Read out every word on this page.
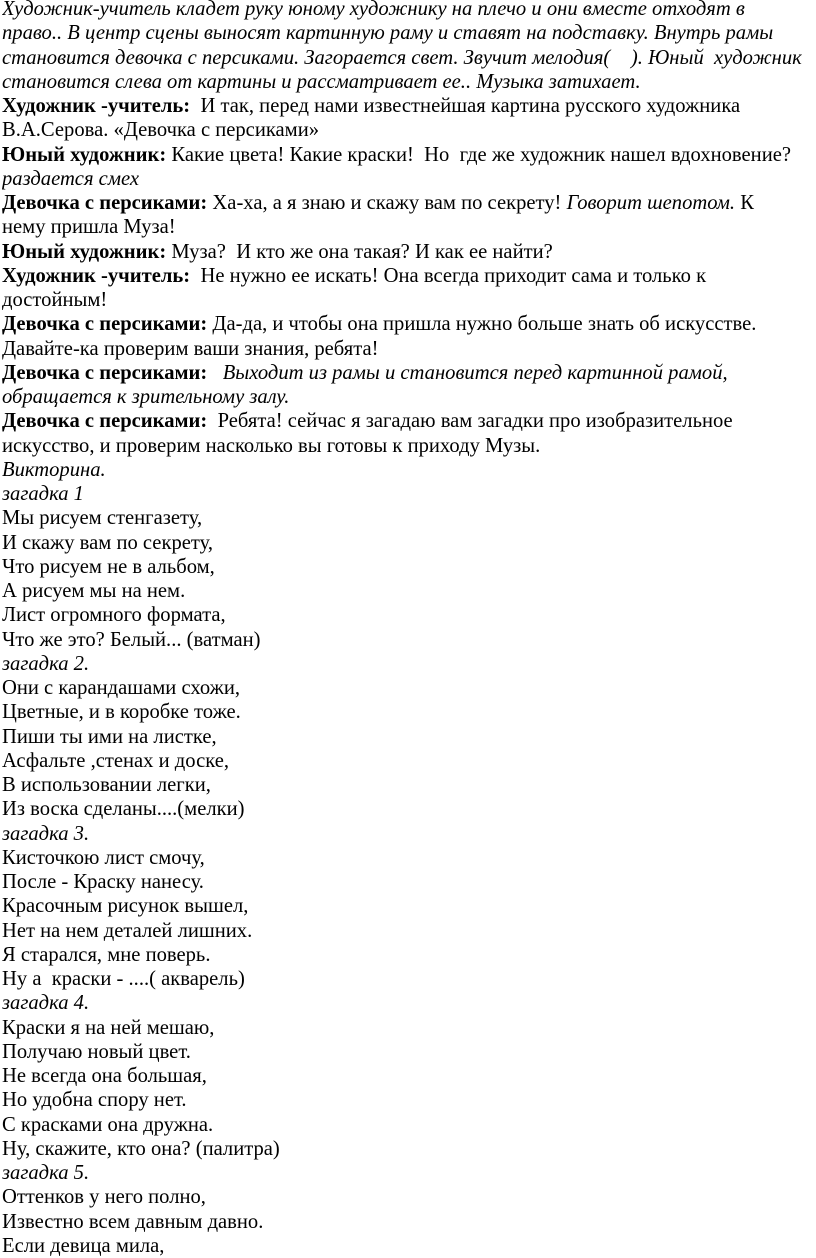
Художник-учитель кладет руку юному художнику на плечо и они вместе отходят в
право.. В центр сцены выносят картинную раму и ставят на подставку. Внутрь рамы
становится девочка с персиками. Загорается свет. Звучит мелодия(    ). Юный  художник
становится слева от картины и рассматривает ее.. Музыка затихает.
Художник -учитель:  И так, перед нами известнейшая картина русского художника
В.А.Серова. «Девочка с персиками»
Юный художник: Какие цвета! Какие краски!  Но  где же художник нашел вдохновение?
раздается смех
Девочка с персиками: Ха-ха, а я знаю и скажу вам по секрету! Говорит шепотом. К
нему пришла Муза!
Юный художник: Муза?  И кто же она такая? И как ее найти?
Художник -учитель:  Не нужно ее искать! Она всегда приходит сама и только к
достойным!
Девочка с персиками: Да-да, и чтобы она пришла нужно больше знать об искусстве.
Давайте-ка проверим ваши знания, ребята!
Девочка с персиками:   Выходит из рамы и становится перед картинной рамой,
обращается к зрительному залу.
Девочка с персиками:  Ребята! сейчас я загадаю вам загадки про изобразительное
искусство, и проверим насколько вы готовы к приходу Музы.
Викторина.
загадка 1
Мы рисуем стенгазету,
И скажу вам по секрету,
Что рисуем не в альбом,
А рисуем мы на нем.
Лист огромного формата,
Что же это? Белый... (ватман)
загадка 2.
Они с карандашами схожи,
Цветные, и в коробке тоже.
Пиши ты ими на листке,
Асфальте ,стенах и доске,
В использовании легки,
Из воска сделаны....(мелки)
загадка 3.
Кисточкою лист смочу,
После - Краску нанесу.
Красочным рисунок вышел,
Нет на нем деталей лишних.
Я старался, мне поверь.
Ну а  краски - ....( акварель)
загадка 4.
Краски я на ней мешаю,
Получаю новый цвет.
Не всегда она большая,
Но удобна спору нет.
С красками она дружна.
Ну, скажите, кто она? (палитра)
загадка 5.
Оттенков у него полно,
Известно всем давным давно.
Если девица мила,
